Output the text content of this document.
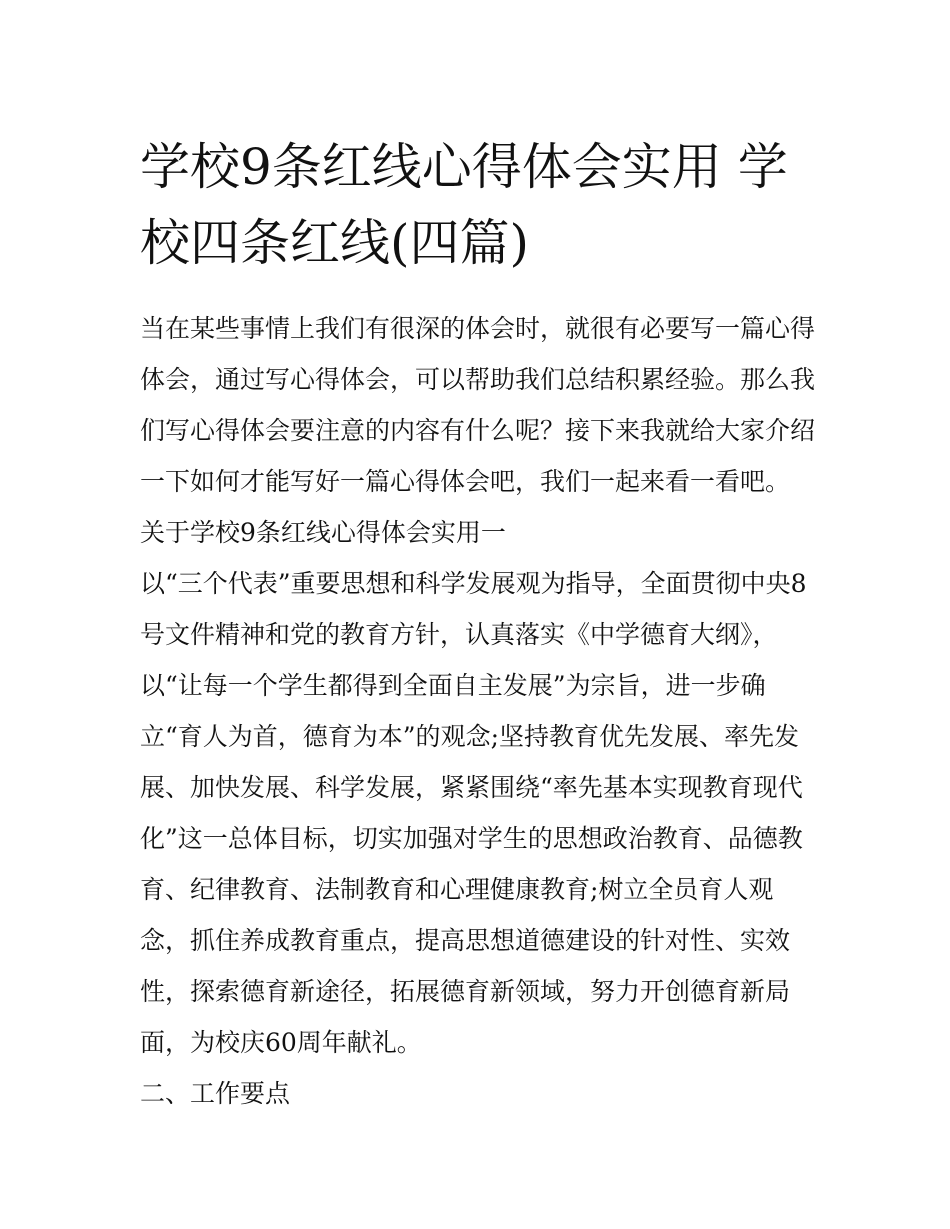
学校9条红线心得体会实用 学
校四条红线(四篇)

当在某些事情上我们有很深的体会时，就很有必要写一篇心得

体会，通过写心得体会，可以帮助我们总结积累经验。那么我

们写心得体会要注意的内容有什么呢？接下来我就给大家介绍

一下如何才能写好一篇心得体会吧，我们一起来看一看吧。

关于学校9条红线心得体会实用一

以“三个代表”重要思想和科学发展观为指导，全面贯彻中央8

号文件精神和党的教育方针，认真落实《中学德育大纲》，

以“让每一个学生都得到全面自主发展”为宗旨，进一步确

立“育人为首，德育为本”的观念;坚持教育优先发展、率先发

展、加快发展、科学发展，紧紧围绕“率先基本实现教育现代

化”这一总体目标，切实加强对学生的思想政治教育、品德教

育、纪律教育、法制教育和心理健康教育;树立全员育人观

念，抓住养成教育重点，提高思想道德建设的针对性、实效

性，探索德育新途径，拓展德育新领域，努力开创德育新局

面，为校庆60周年献礼。

二、工作要点
